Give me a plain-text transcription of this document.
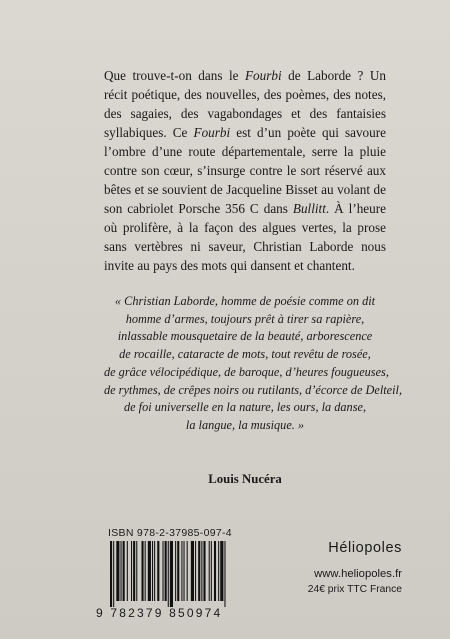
Que trouve-t-on dans le Fourbi de Laborde ? Un récit poétique, des nouvelles, des poèmes, des notes, des sagaies, des vagabondages et des fantaisies syllabiques. Ce Fourbi est d’un poète qui savoure l’ombre d’une route départementale, serre la pluie contre son cœur, s’insurge contre le sort réservé aux bêtes et se souvient de Jacqueline Bisset au volant de son cabriolet Porsche 356 C dans Bullitt. À l’heure où prolifère, à la façon des algues vertes, la prose sans vertèbres ni saveur, Christian Laborde nous invite au pays des mots qui dansent et chantent.

« Christian Laborde, homme de poésie comme on dit
homme d’armes, toujours prêt à tirer sa rapière,
inlassable mousquetaire de la beauté, arborescence
de rocaille, cataracte de mots, tout revêtu de rosée,
de grâce vélocipédique, de baroque, d’heures fougueuses,
de rythmes, de crêpes noirs ou rutilants, d’écorce de Delteil,
de foi universelle en la nature, les ours, la danse,
la langue, la musique. »
Louis Nucéra
ISBN 978-2-37985-097-4
9 782379 850974
Héliopoles
www.heliopoles.fr
24€ prix TTC France
